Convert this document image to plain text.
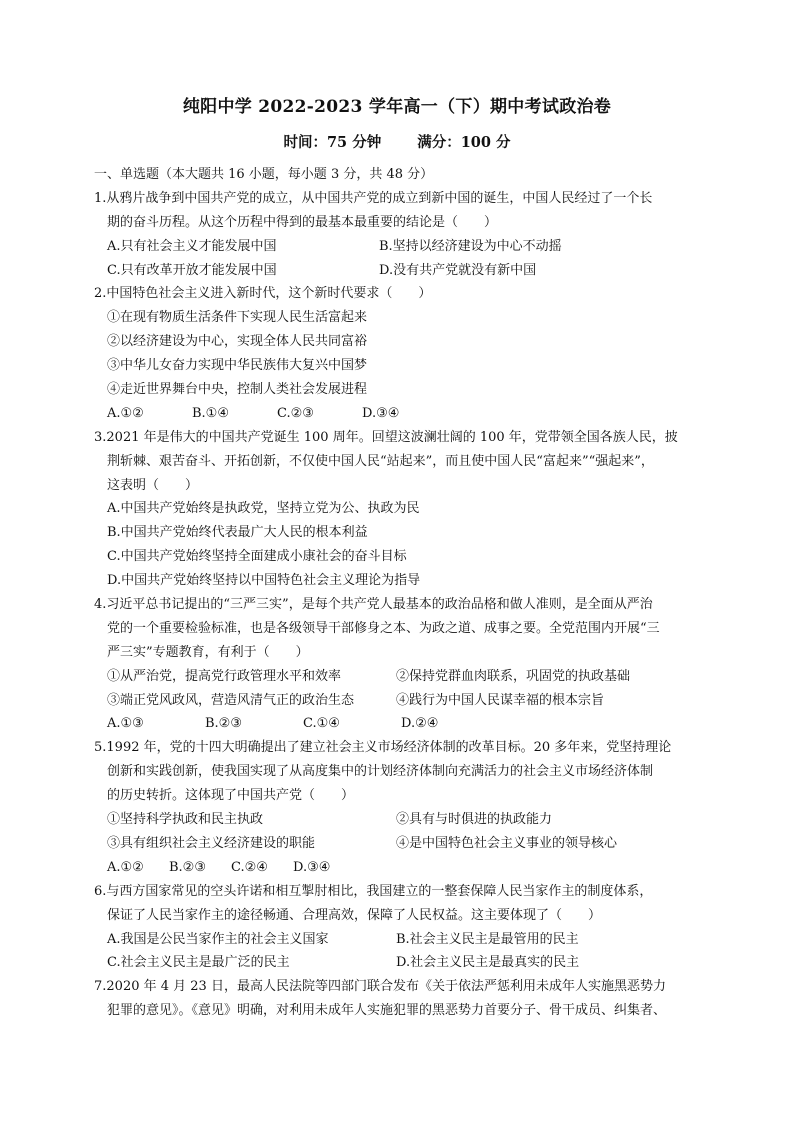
纯阳中学 2022-2023 学年高一（下）期中考试政治卷
时间：75 分钟 满分：100 分
一、单选题（本大题共 16 小题，每小题 3 分，共 48 分）
1.从鸦片战争到中国共产党的成立，从中国共产党的成立到新中国的诞生，中国人民经过了一个长
期的奋斗历程。从这个历程中得到的最基本最重要的结论是（　　）
A.只有社会主义才能发展中国	B.坚持以经济建设为中心不动摇
C.只有改革开放才能发展中国	D.没有共产党就没有新中国
2.中国特色社会主义进入新时代，这个新时代要求（　　）
①在现有物质生活条件下实现人民生活富起来
②以经济建设为中心，实现全体人民共同富裕
③中华儿女奋力实现中华民族伟大复兴中国梦
④走近世界舞台中央，控制人类社会发展进程
A.①②	B.①④	C.②③	D.③④
3.2021 年是伟大的中国共产党诞生 100 周年。回望这波澜壮阔的 100 年，党带领全国各族人民，披
荆斩棘、艰苦奋斗、开拓创新，不仅使中国人民“站起来”，而且使中国人民“富起来”“强起来”，
这表明（　　）
A.中国共产党始终是执政党，坚持立党为公、执政为民
B.中国共产党始终代表最广大人民的根本利益
C.中国共产党始终坚持全面建成小康社会的奋斗目标
D.中国共产党始终坚持以中国特色社会主义理论为指导
4.习近平总书记提出的“三严三实”，是每个共产党人最基本的政治品格和做人准则，是全面从严治
党的一个重要检验标准，也是各级领导干部修身之本、为政之道、成事之要。全党范围内开展“三
严三实”专题教育，有利于（　　）
①从严治党，提高党行政管理水平和效率	②保持党群血肉联系，巩固党的执政基础
③端正党风政风，营造风清气正的政治生态	④践行为中国人民谋幸福的根本宗旨
A.①③	B.②③	C.①④	D.②④
5.1992 年，党的十四大明确提出了建立社会主义市场经济体制的改革目标。20 多年来，党坚持理论
创新和实践创新，使我国实现了从高度集中的计划经济体制向充满活力的社会主义市场经济体制
的历史转折。这体现了中国共产党（　　）
①坚持科学执政和民主执政	②具有与时俱进的执政能力
③具有组织社会主义经济建设的职能	④是中国特色社会主义事业的领导核心
A.①② B.②③ C.②④ D.③④
6.与西方国家常见的空头许诺和相互掣肘相比，我国建立的一整套保障人民当家作主的制度体系，
保证了人民当家作主的途径畅通、合理高效，保障了人民权益。这主要体现了（　　）
A.我国是公民当家作主的社会主义国家	B.社会主义民主是最管用的民主
C.社会主义民主是最广泛的民主	D.社会主义民主是最真实的民主
7.2020 年 4 月 23 日，最高人民法院等四部门联合发布《关于依法严惩利用未成年人实施黑恶势力
犯罪的意见》。《意见》明确，对利用未成年人实施犯罪的黑恶势力首要分子、骨干成员、纠集者、
